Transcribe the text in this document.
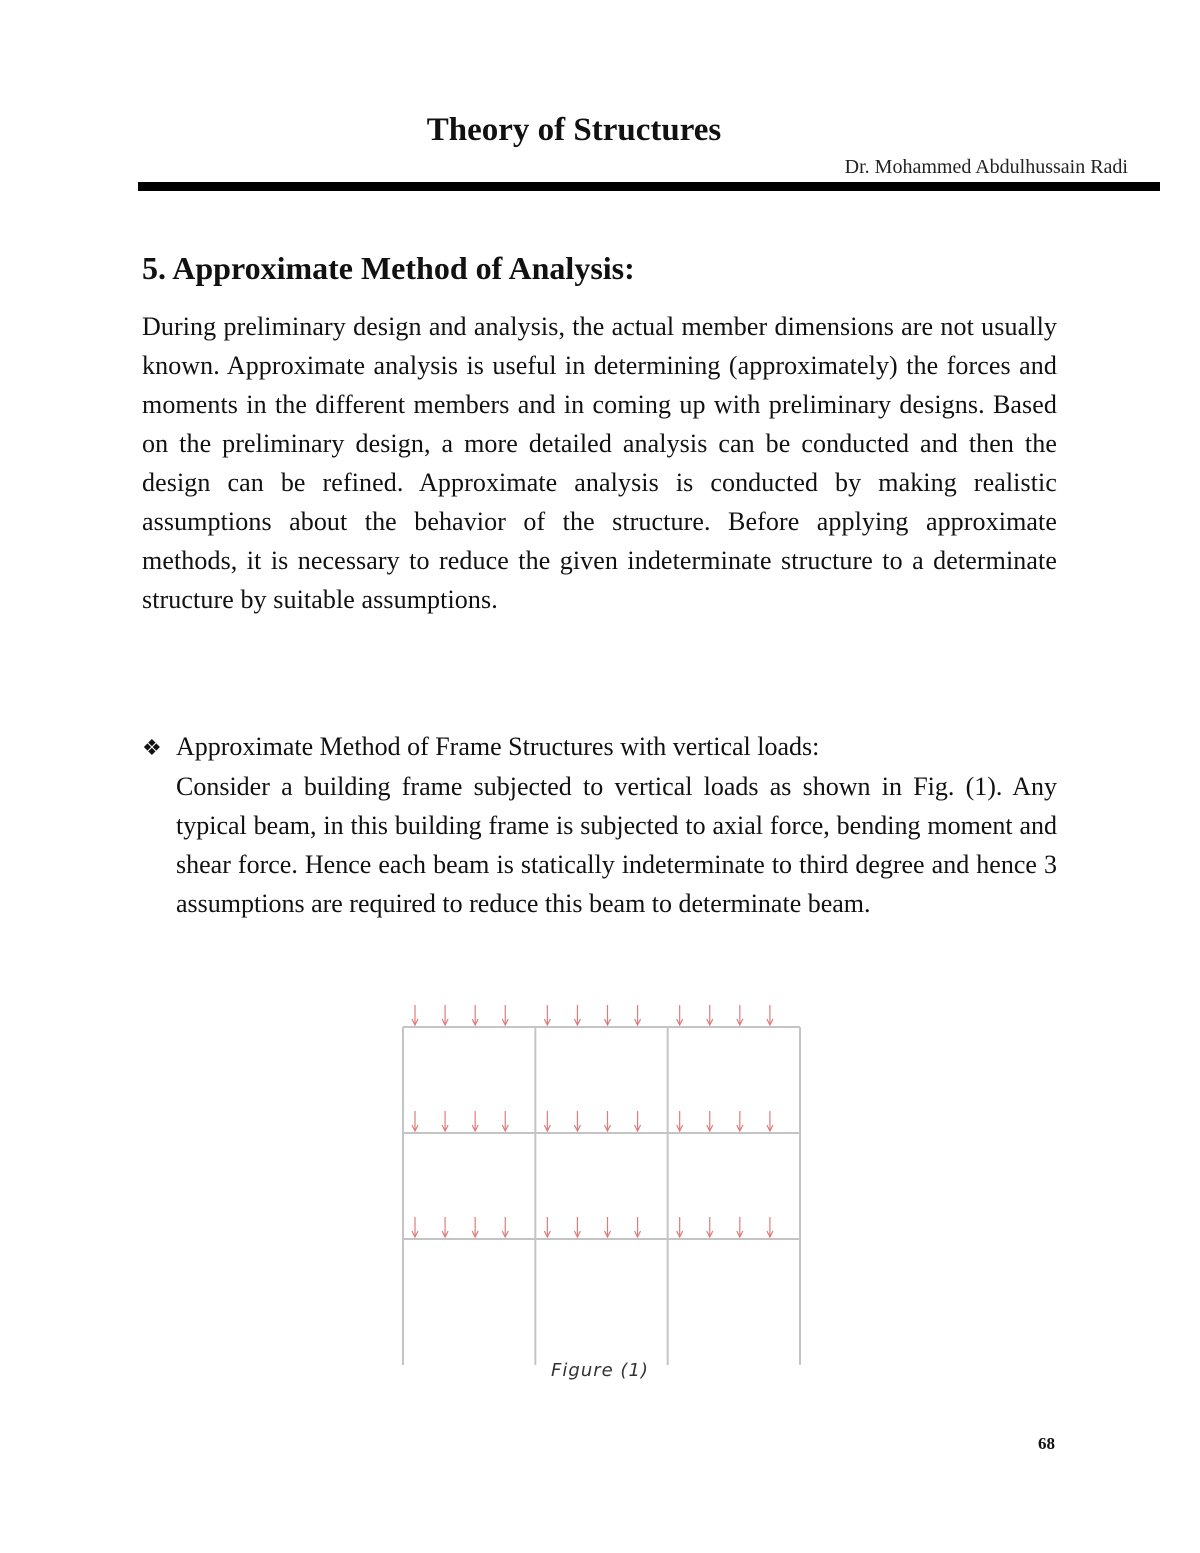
Theory of Structures
Dr. Mohammed Abdulhussain Radi
5. Approximate Method of Analysis:

During preliminary design and analysis, the actual member dimensions are not usually known. Approximate analysis is useful in determining (approximately) the forces and moments in the different members and in coming up with preliminary designs. Based on the preliminary design, a more detailed analysis can be conducted and then the design can be refined. Approximate analysis is conducted by making realistic assumptions about the behavior of the structure. Before applying approximate methods, it is necessary to reduce the given indeterminate structure to a determinate structure by suitable assumptions.

❖ Approximate Method of Frame Structures with vertical loads:

Consider a building frame subjected to vertical loads as shown in Fig. (1). Any typical beam, in this building frame is subjected to axial force, bending moment and shear force. Hence each beam is statically indeterminate to third degree and hence 3 assumptions are required to reduce this beam to determinate beam.

Figure (1)
68
